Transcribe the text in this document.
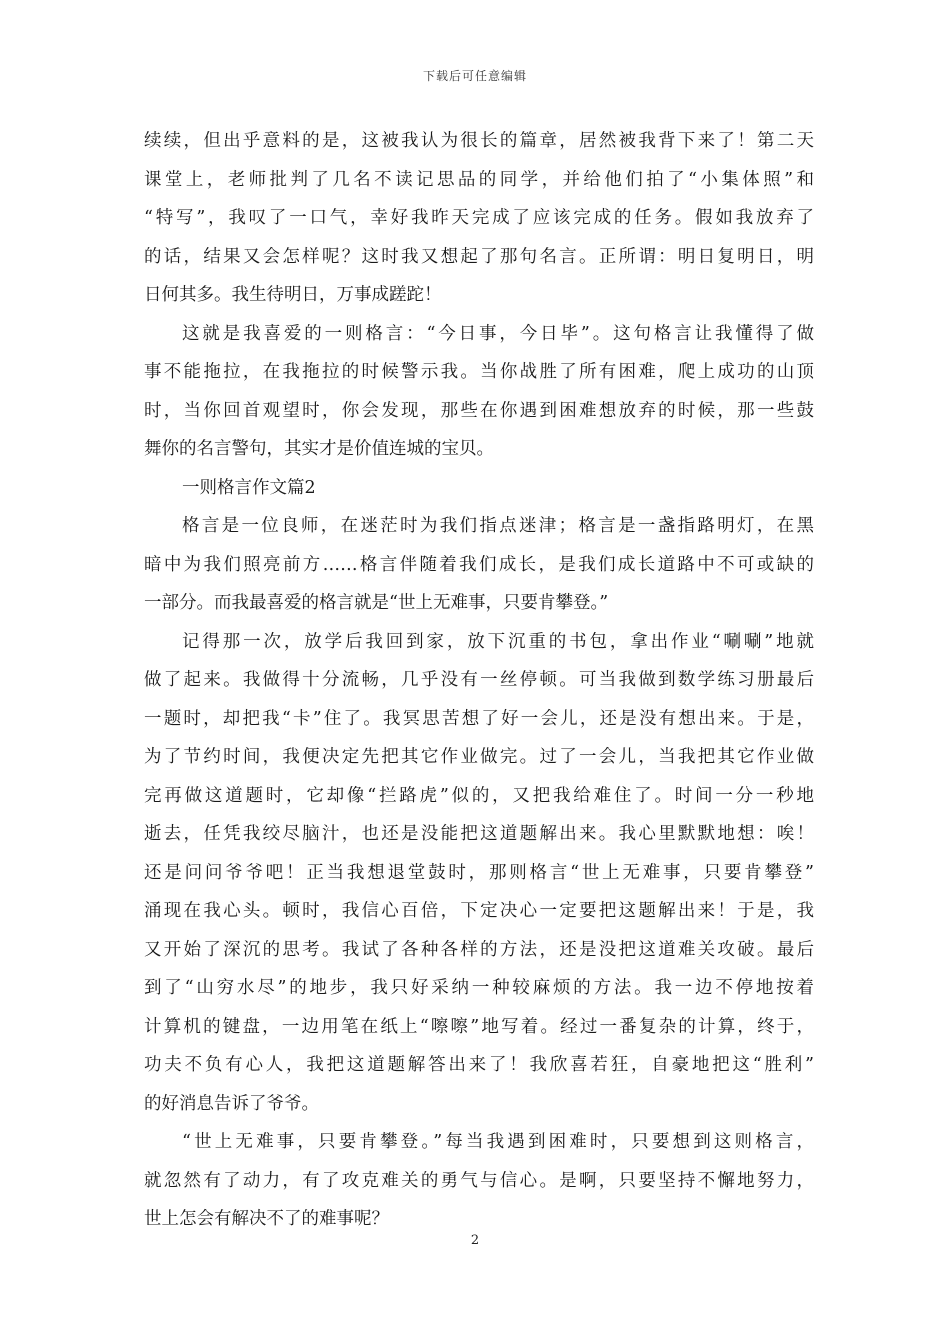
下载后可任意编辑
续续，但出乎意料的是，这被我认为很长的篇章，居然被我背下来了！第二天
课堂上，老师批判了几名不读记思品的同学，并给他们拍了“小集体照”和
“特写”，我叹了一口气，幸好我昨天完成了应该完成的任务。假如我放弃了
的话，结果又会怎样呢？这时我又想起了那句名言。正所谓：明日复明日，明
日何其多。我生待明日，万事成蹉跎！
这就是我喜爱的一则格言：“今日事，今日毕”。这句格言让我懂得了做
事不能拖拉，在我拖拉的时候警示我。当你战胜了所有困难，爬上成功的山顶
时，当你回首观望时，你会发现，那些在你遇到困难想放弃的时候，那一些鼓
舞你的名言警句，其实才是价值连城的宝贝。
一则格言作文篇2
格言是一位良师，在迷茫时为我们指点迷津；格言是一盏指路明灯，在黑
暗中为我们照亮前方……格言伴随着我们成长，是我们成长道路中不可或缺的
一部分。而我最喜爱的格言就是“世上无难事，只要肯攀登。”
记得那一次，放学后我回到家，放下沉重的书包，拿出作业“唰唰”地就
做了起来。我做得十分流畅，几乎没有一丝停顿。可当我做到数学练习册最后
一题时，却把我“卡”住了。我冥思苦想了好一会儿，还是没有想出来。于是，
为了节约时间，我便决定先把其它作业做完。过了一会儿，当我把其它作业做
完再做这道题时，它却像“拦路虎”似的，又把我给难住了。时间一分一秒地
逝去，任凭我绞尽脑汁，也还是没能把这道题解出来。我心里默默地想：唉！
还是问问爷爷吧！正当我想退堂鼓时，那则格言“世上无难事，只要肯攀登”
涌现在我心头。顿时，我信心百倍，下定决心一定要把这题解出来！于是，我
又开始了深沉的思考。我试了各种各样的方法，还是没把这道难关攻破。最后
到了“山穷水尽”的地步，我只好采纳一种较麻烦的方法。我一边不停地按着
计算机的键盘，一边用笔在纸上“嚓嚓”地写着。经过一番复杂的计算，终于，
功夫不负有心人，我把这道题解答出来了！我欣喜若狂，自豪地把这“胜利”
的好消息告诉了爷爷。
“世上无难事，只要肯攀登。”每当我遇到困难时，只要想到这则格言，
就忽然有了动力，有了攻克难关的勇气与信心。是啊，只要坚持不懈地努力，
世上怎会有解决不了的难事呢？
2
